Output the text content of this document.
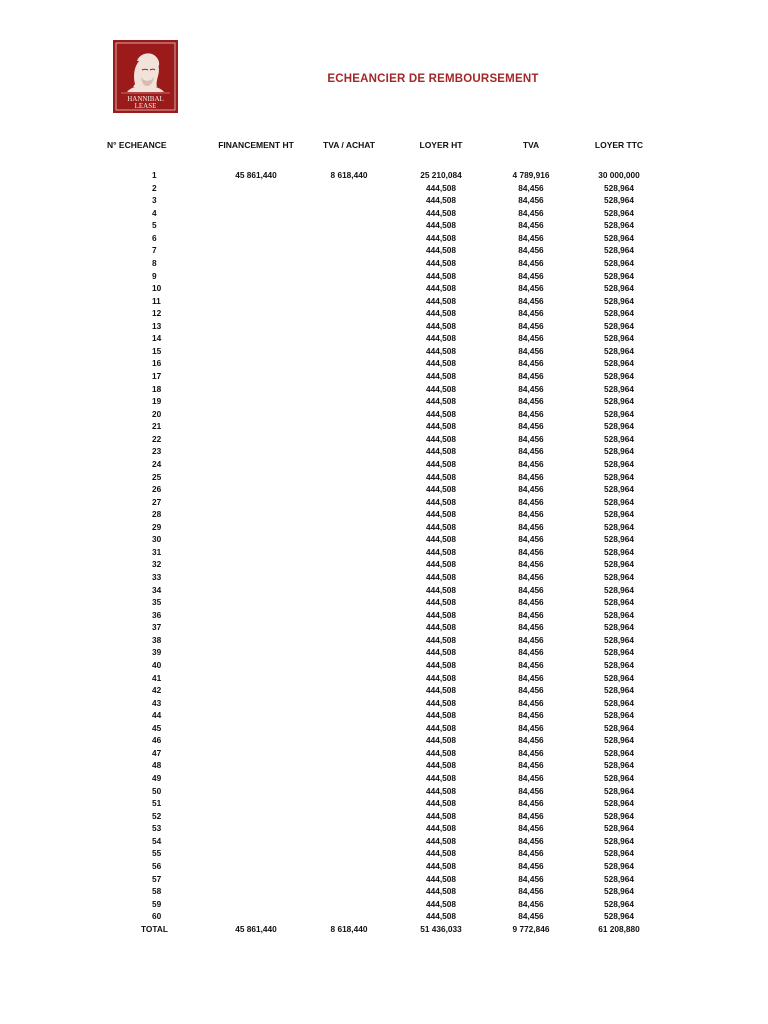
HANNIBAL
LEASE
ECHEANCIER DE REMBOURSEMENT
N° ECHEANCE	FINANCEMENT HT	TVA / ACHAT	LOYER HT	TVA	LOYER TTC
1	45 861,440	8 618,440	25 210,084	4 789,916	30 000,000
2			444,508	84,456	528,964
3			444,508	84,456	528,964
4			444,508	84,456	528,964
5			444,508	84,456	528,964
6			444,508	84,456	528,964
7			444,508	84,456	528,964
8			444,508	84,456	528,964
9			444,508	84,456	528,964
10			444,508	84,456	528,964
11			444,508	84,456	528,964
12			444,508	84,456	528,964
13			444,508	84,456	528,964
14			444,508	84,456	528,964
15			444,508	84,456	528,964
16			444,508	84,456	528,964
17			444,508	84,456	528,964
18			444,508	84,456	528,964
19			444,508	84,456	528,964
20			444,508	84,456	528,964
21			444,508	84,456	528,964
22			444,508	84,456	528,964
23			444,508	84,456	528,964
24			444,508	84,456	528,964
25			444,508	84,456	528,964
26			444,508	84,456	528,964
27			444,508	84,456	528,964
28			444,508	84,456	528,964
29			444,508	84,456	528,964
30			444,508	84,456	528,964
31			444,508	84,456	528,964
32			444,508	84,456	528,964
33			444,508	84,456	528,964
34			444,508	84,456	528,964
35			444,508	84,456	528,964
36			444,508	84,456	528,964
37			444,508	84,456	528,964
38			444,508	84,456	528,964
39			444,508	84,456	528,964
40			444,508	84,456	528,964
41			444,508	84,456	528,964
42			444,508	84,456	528,964
43			444,508	84,456	528,964
44			444,508	84,456	528,964
45			444,508	84,456	528,964
46			444,508	84,456	528,964
47			444,508	84,456	528,964
48			444,508	84,456	528,964
49			444,508	84,456	528,964
50			444,508	84,456	528,964
51			444,508	84,456	528,964
52			444,508	84,456	528,964
53			444,508	84,456	528,964
54			444,508	84,456	528,964
55			444,508	84,456	528,964
56			444,508	84,456	528,964
57			444,508	84,456	528,964
58			444,508	84,456	528,964
59			444,508	84,456	528,964
60			444,508	84,456	528,964
TOTAL	45 861,440	8 618,440	51 436,033	9 772,846	61 208,880
